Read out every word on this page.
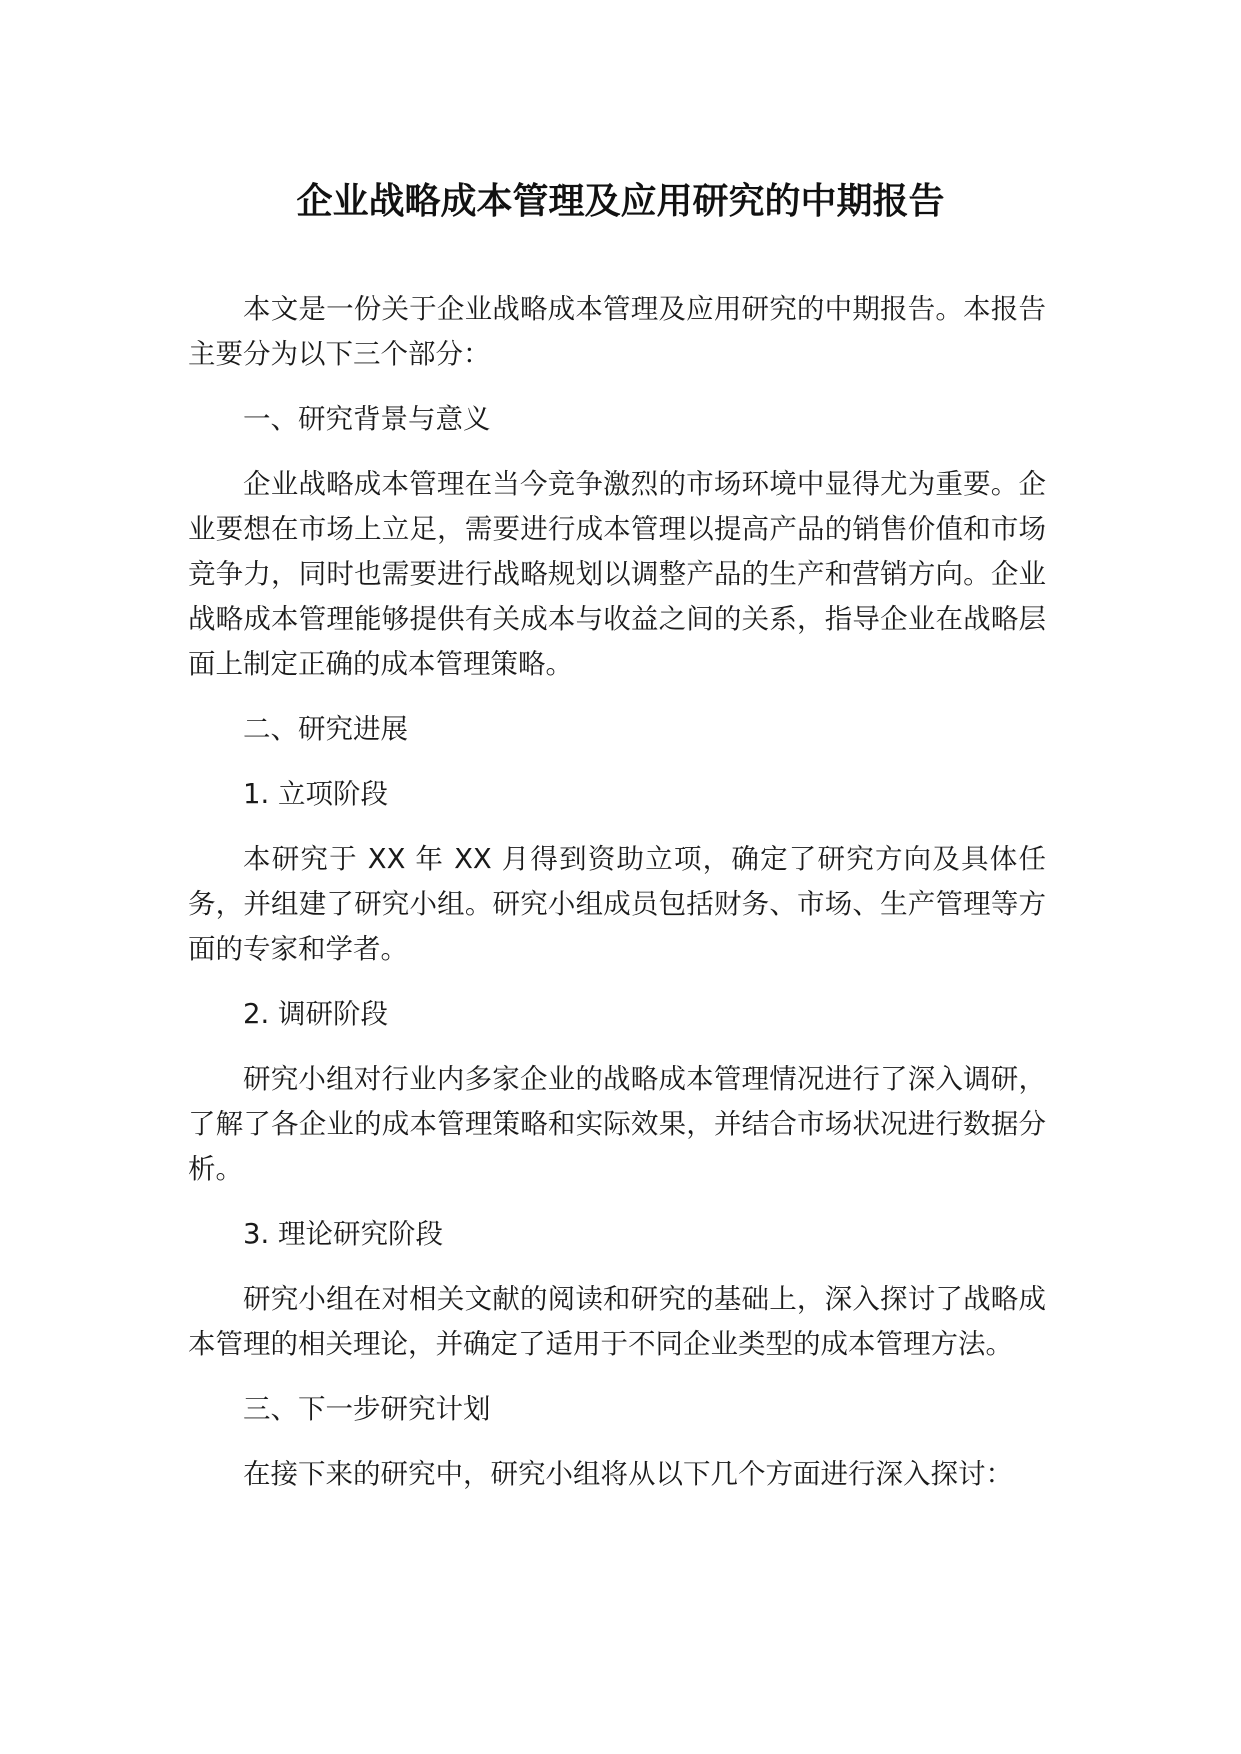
企业战略成本管理及应用研究的中期报告

本文是一份关于企业战略成本管理及应用研究的中期报告。本报告主要分为以下三个部分：

一、研究背景与意义

企业战略成本管理在当今竞争激烈的市场环境中显得尤为重要。企业要想在市场上立足，需要进行成本管理以提高产品的销售价值和市场竞争力，同时也需要进行战略规划以调整产品的生产和营销方向。企业战略成本管理能够提供有关成本与收益之间的关系，指导企业在战略层面上制定正确的成本管理策略。

二、研究进展

1. 立项阶段

本研究于 XX 年 XX 月得到资助立项，确定了研究方向及具体任务，并组建了研究小组。研究小组成员包括财务、市场、生产管理等方面的专家和学者。

2. 调研阶段

研究小组对行业内多家企业的战略成本管理情况进行了深入调研，了解了各企业的成本管理策略和实际效果，并结合市场状况进行数据分析。

3. 理论研究阶段

研究小组在对相关文献的阅读和研究的基础上，深入探讨了战略成本管理的相关理论，并确定了适用于不同企业类型的成本管理方法。

三、下一步研究计划

在接下来的研究中，研究小组将从以下几个方面进行深入探讨：
